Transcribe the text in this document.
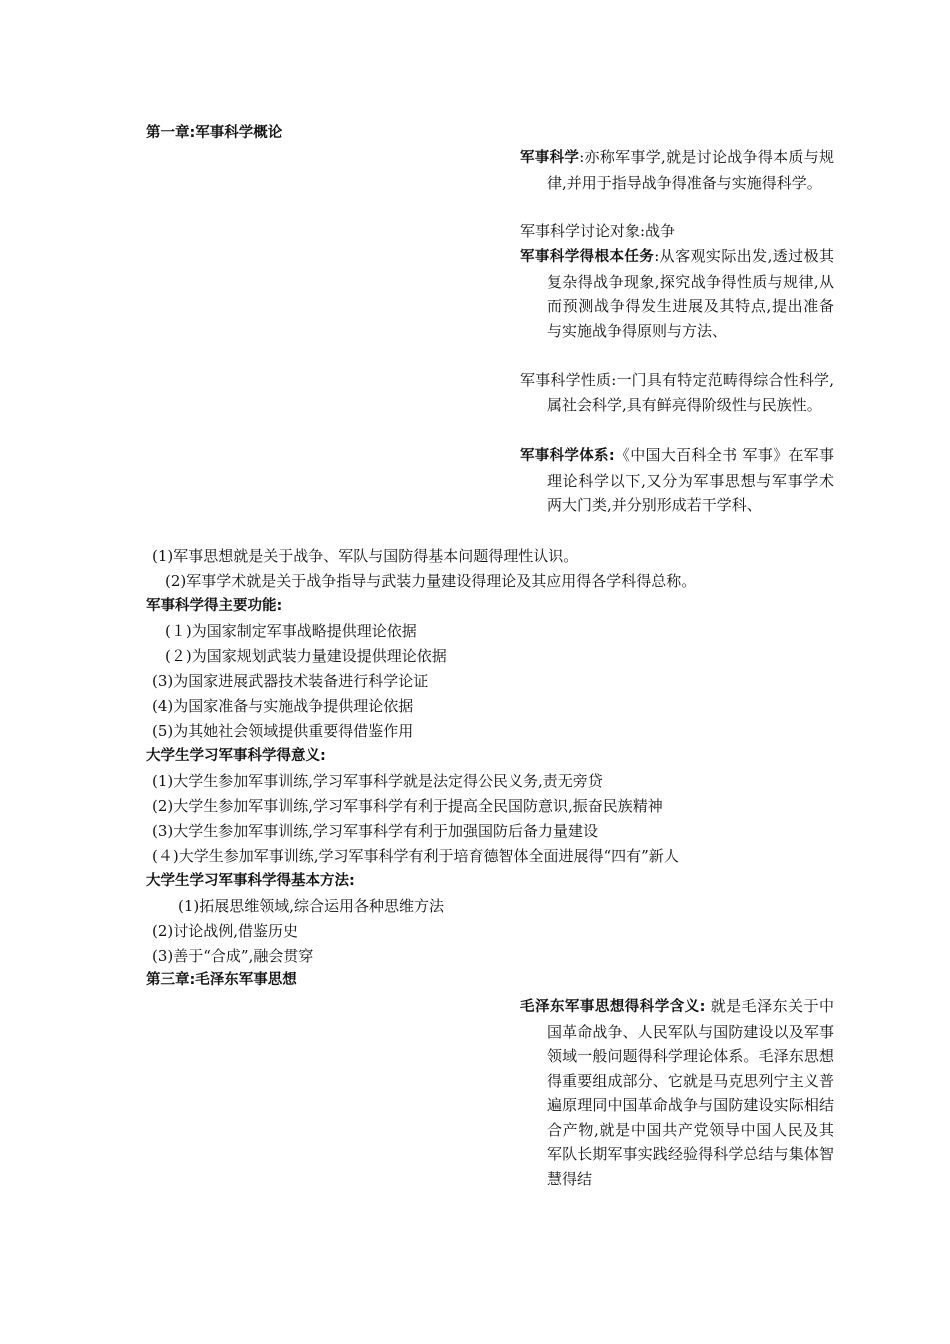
第一章:军事科学概论
军事科学:亦称军事学,就是讨论战争得本质与规律,并用于指导战争得准备与实施得科学。
军事科学讨论对象:战争
军事科学得根本任务:从客观实际出发,透过极其复杂得战争现象,探究战争得性质与规律,从而预测战争得发生进展及其特点,提出准备与实施战争得原则与方法、
军事科学性质:一门具有特定范畴得综合性科学,属社会科学,具有鲜亮得阶级性与民族性。
军事科学体系:《中国大百科全书 军事》在军事理论科学以下,又分为军事思想与军事学术两大门类,并分别形成若干学科、
(1)军事思想就是关于战争、军队与国防得基本问题得理性认识。
(2)军事学术就是关于战争指导与武装力量建设得理论及其应用得各学科得总称。
军事科学得主要功能:
(１)为国家制定军事战略提供理论依据
(２)为国家规划武装力量建设提供理论依据
(3)为国家进展武器技术装备进行科学论证
(4)为国家准备与实施战争提供理论依据
(5)为其她社会领域提供重要得借鉴作用
大学生学习军事科学得意义:
(1)大学生参加军事训练,学习军事科学就是法定得公民义务,责无旁贷
(2)大学生参加军事训练,学习军事科学有利于提高全民国防意识,振奋民族精神
(3)大学生参加军事训练,学习军事科学有利于加强国防后备力量建设
(４)大学生参加军事训练,学习军事科学有利于培育德智体全面进展得“四有”新人
大学生学习军事科学得基本方法:
(1)拓展思维领域,综合运用各种思维方法
(2)讨论战例,借鉴历史
(3)善于“合成”,融会贯穿
第三章:毛泽东军事思想
毛泽东军事思想得科学含义: 就是毛泽东关于中国革命战争、人民军队与国防建设以及军事领域一般问题得科学理论体系。毛泽东思想得重要组成部分、它就是马克思列宁主义普遍原理同中国革命战争与国防建设实际相结合产物,就是中国共产党领导中国人民及其军队长期军事实践经验得科学总结与集体智慧得结
